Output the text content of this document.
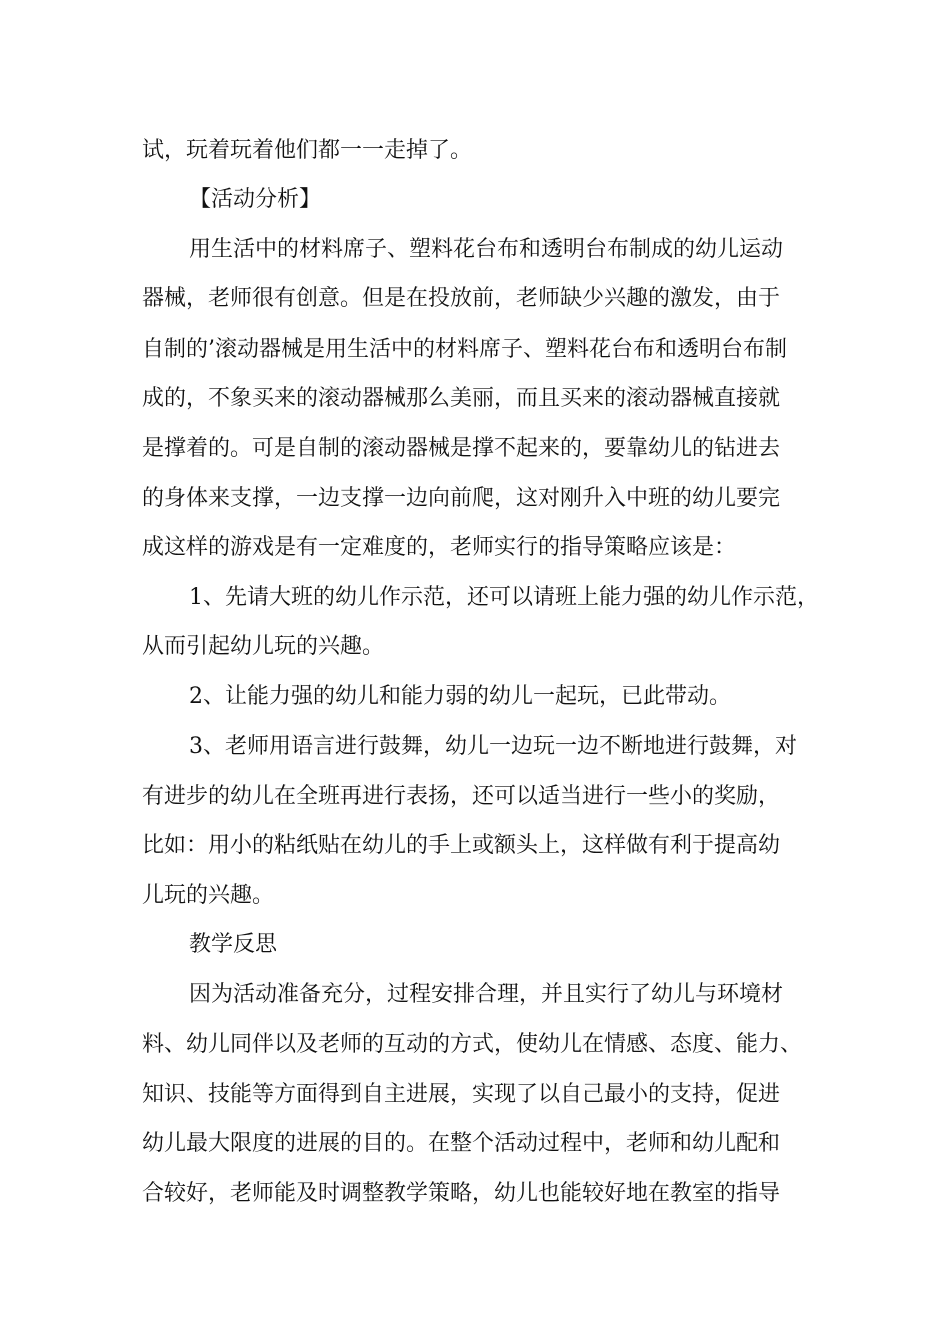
试，玩着玩着他们都一一走掉了。

【活动分析】

用生活中的材料席子、塑料花台布和透明台布制成的幼儿运动

器械，老师很有创意。但是在投放前，老师缺少兴趣的激发，由于

自制的’滚动器械是用生活中的材料席子、塑料花台布和透明台布制

成的，不象买来的滚动器械那么美丽，而且买来的滚动器械直接就

是撑着的。可是自制的滚动器械是撑不起来的，要靠幼儿的钻进去

的身体来支撑，一边支撑一边向前爬，这对刚升入中班的幼儿要完

成这样的游戏是有一定难度的，老师实行的指导策略应该是：

1、先请大班的幼儿作示范，还可以请班上能力强的幼儿作示范，

从而引起幼儿玩的兴趣。

2、让能力强的幼儿和能力弱的幼儿一起玩，已此带动。

3、老师用语言进行鼓舞，幼儿一边玩一边不断地进行鼓舞，对

有进步的幼儿在全班再进行表扬，还可以适当进行一些小的奖励，

比如：用小的粘纸贴在幼儿的手上或额头上，这样做有利于提高幼

儿玩的兴趣。

教学反思

因为活动准备充分，过程安排合理，并且实行了幼儿与环境材

料、幼儿同伴以及老师的互动的方式，使幼儿在情感、态度、能力、

知识、技能等方面得到自主进展，实现了以自己最小的支持，促进

幼儿最大限度的进展的目的。在整个活动过程中，老师和幼儿配和

合较好，老师能及时调整教学策略，幼儿也能较好地在教室的指导
